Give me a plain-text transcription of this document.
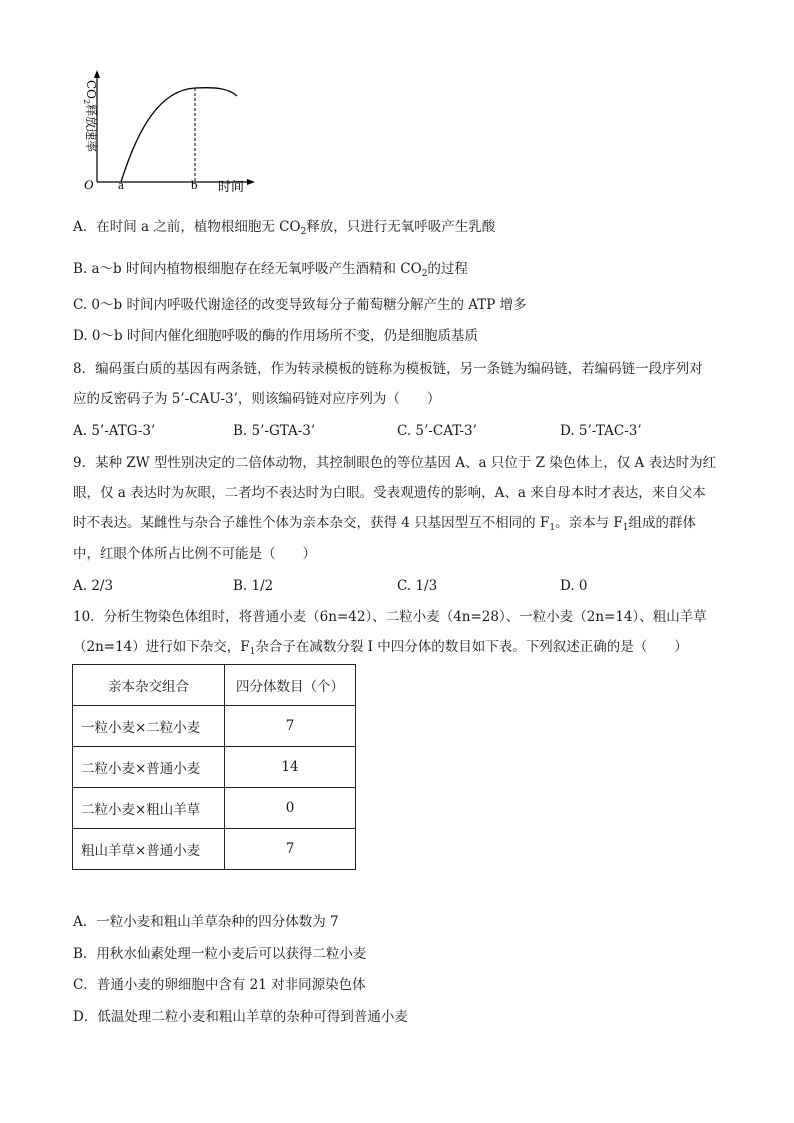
O a	b 时间
$CO_2$释放速率
A．在时间 a 之前，植物根细胞无 $CO_2$释放，只进行无氧呼吸产生乳酸
B. a～b 时间内植物根细胞存在经无氧呼吸产生酒精和 $CO_2$的过程
C. 0～b 时间内呼吸代谢途径的改变导致每分子葡萄糖分解产生的 ATP 增多
D. 0～b 时间内催化细胞呼吸的酶的作用场所不变，仍是细胞质基质
8．编码蛋白质的基因有两条链，作为转录模板的链称为模板链，另一条链为编码链，若编码链一段序列对
应的反密码子为 5’-CAU-3’，则该编码链对应序列为（　　）
A. 5’-ATG-3’	B. 5’-GTA-3’	C. 5’-CAT-3’	D. 5’-TAC-3’
9．某种 ZW 型性别决定的二倍体动物，其控制眼色的等位基因 A、a 只位于 Z 染色体上，仅 A 表达时为红
眼，仅 a 表达时为灰眼，二者均不表达时为白眼。受表观遗传的影响，A、a 来自母本时才表达，来自父本
时不表达。某雌性与杂合子雄性个体为亲本杂交，获得 4 只基因型互不相同的 $F_1$。亲本与 $F_1$组成的群体
中，红眼个体所占比例不可能是（　　）
A. 2/3	B. 1/2	C. 1/3	D. 0
10．分析生物染色体组时，将普通小麦（6n=42）、二粒小麦（4n=28）、一粒小麦（2n=14）、粗山羊草
（2n=14）进行如下杂交，$F_1$杂合子在减数分裂 I 中四分体的数目如下表。下列叙述正确的是（　　）
亲本杂交组合	四分体数目（个）
一粒小麦×二粒小麦	7
二粒小麦×普通小麦	14
二粒小麦×粗山羊草	0
粗山羊草×普通小麦	7
A．一粒小麦和粗山羊草杂种的四分体数为 7
B．用秋水仙素处理一粒小麦后可以获得二粒小麦
C．普通小麦的卵细胞中含有 21 对非同源染色体
D．低温处理二粒小麦和粗山羊草的杂种可得到普通小麦
